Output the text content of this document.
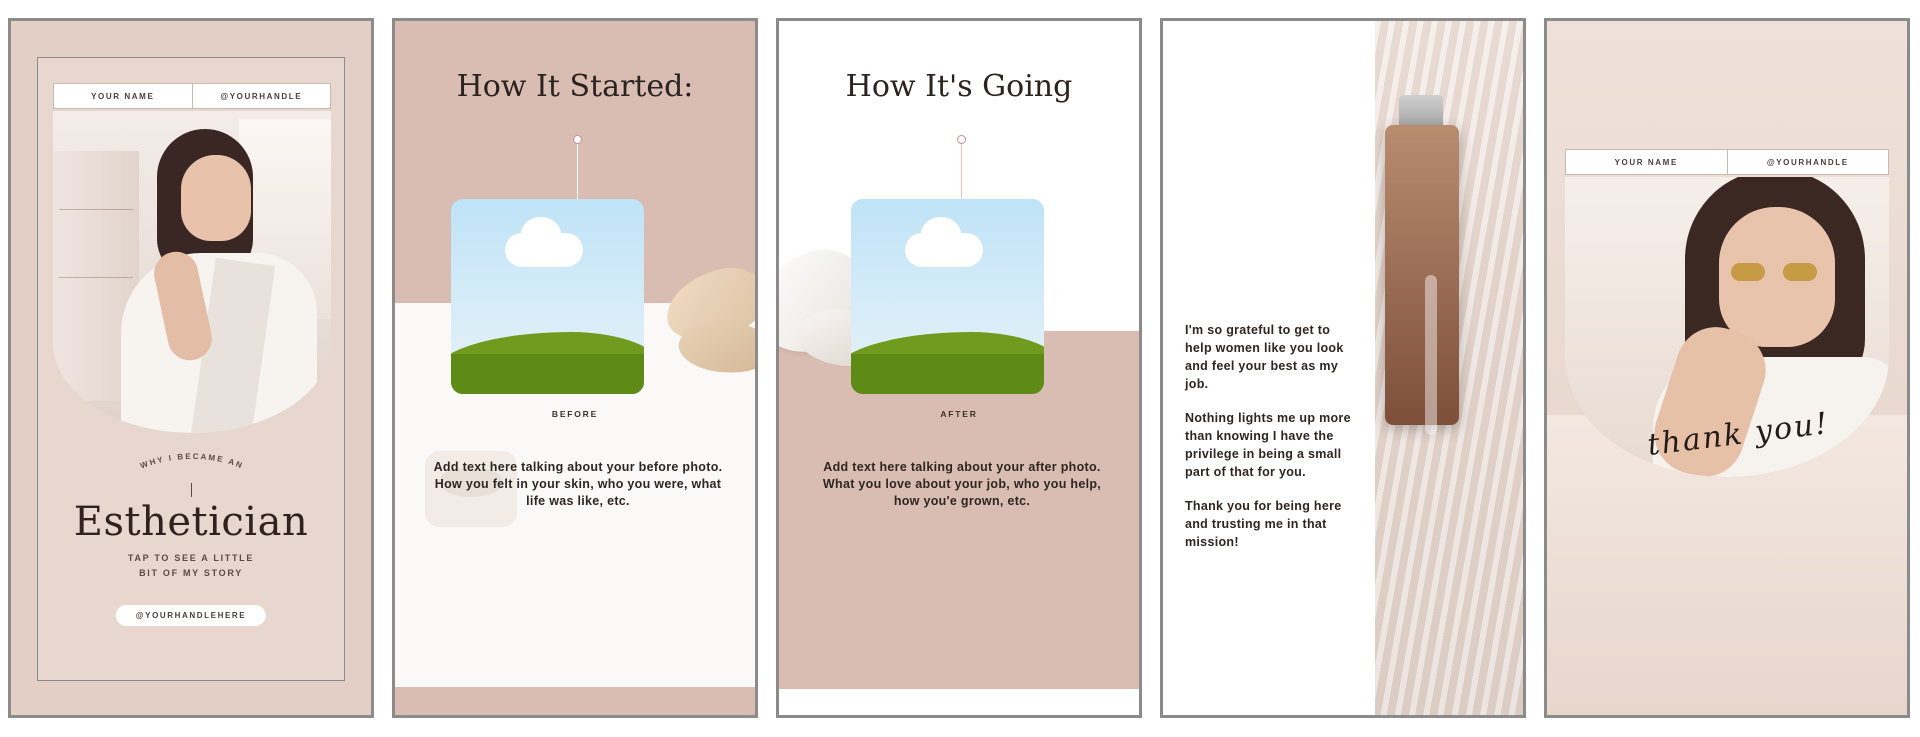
YOUR NAME	@YOURHANDLE
WHY I BECAME AN
Esthetician
TAP TO SEE A LITTLE
BIT OF MY STORY
@YOURHANDLEHERE
How It Started:
BEFORE
Add text here talking about your before photo. How you felt in your skin, who you were, what life was like, etc.
How It's Going
AFTER
Add text here talking about your after photo. What you love about your job, who you help, how you'e grown, etc.

I'm so grateful to get to help women like you look and feel your best as my job.

Nothing lights me up more than knowing I have the privilege in being a small part of that for you.

Thank you for being here and trusting me in that mission!

YOUR NAME	@YOURHANDLE
thank you!
